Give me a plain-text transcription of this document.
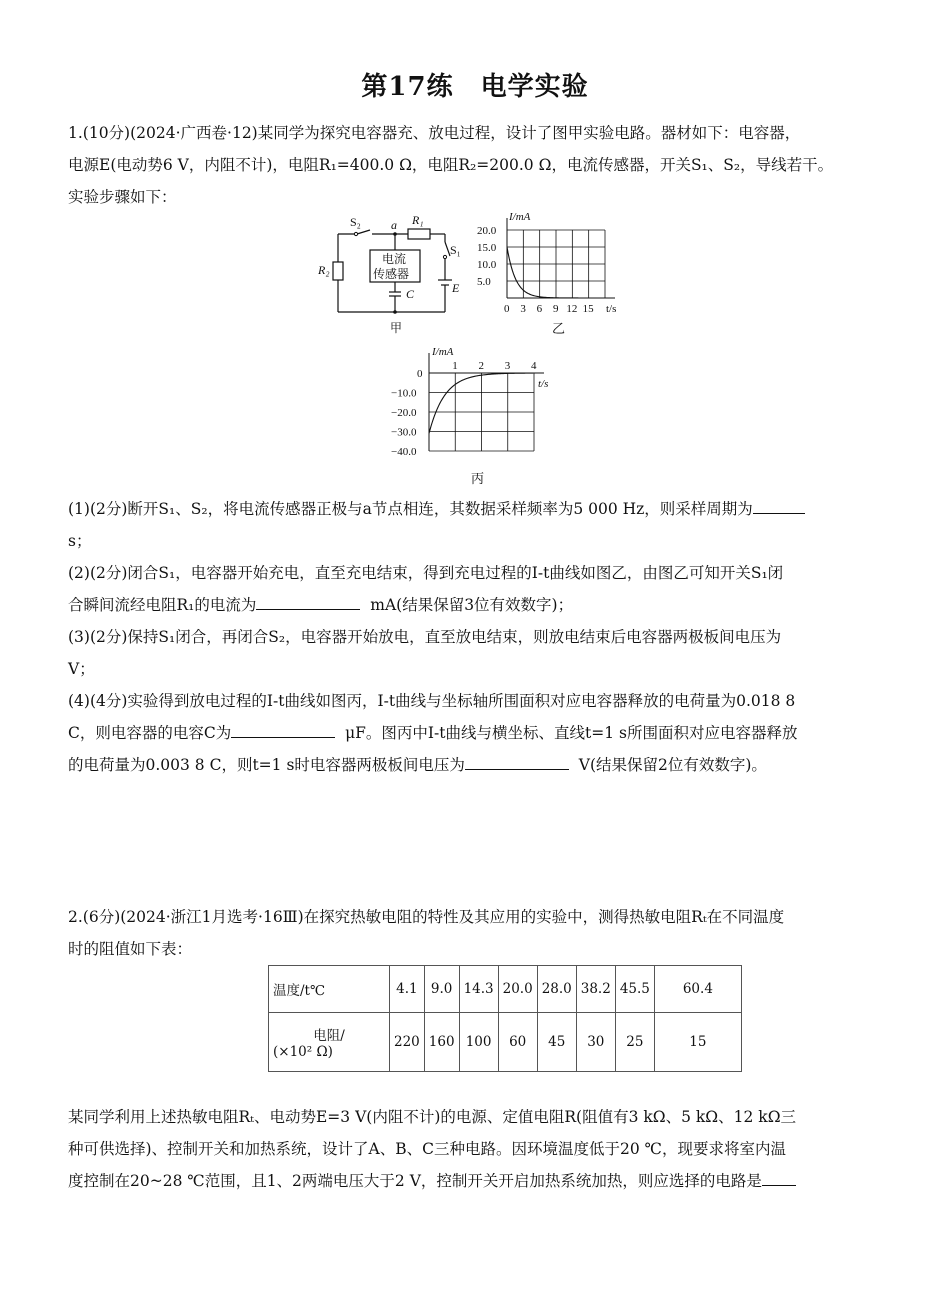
第17练　电学实验
1.(10分)(2024·广西卷·12)某同学为探究电容器充、放电过程，设计了图甲实验电路。器材如下：电容器，
电源E(电动势6 V，内阻不计)，电阻R₁=400.0 Ω，电阻R₂=200.0 Ω，电流传感器，开关S₁、S₂，导线若干。
实验步骤如下：
S₂	a R₁
S₁
R₂
电流
传感器
C	E
甲
I/mA
t/s
0 3 6 9 12 15
20.0
15.0
10.0
5.0
乙
I/mA
t/s
1 2 3 4
0
−10.0
−20.0
−30.0
−40.0
丙
(1)(2分)断开S₁、S₂，将电流传感器正极与a节点相连，其数据采样频率为5 000 Hz，则采样周期为
s；
(2)(2分)闭合S₁，电容器开始充电，直至充电结束，得到充电过程的I-t曲线如图乙，由图乙可知开关S₁闭
合瞬间流经电阻R₁的电流为	mA(结果保留3位有效数字)；
(3)(2分)保持S₁闭合，再闭合S₂，电容器开始放电，直至放电结束，则放电结束后电容器两极板间电压为
V；
(4)(4分)实验得到放电过程的I-t曲线如图丙，I-t曲线与坐标轴所围面积对应电容器释放的电荷量为0.018 8
C，则电容器的电容C为	μF。图丙中I-t曲线与横坐标、直线t=1 s所围面积对应电容器释放
的电荷量为0.003 8 C，则t=1 s时电容器两极板间电压为	V(结果保留2位有效数字)。
2.(6分)(2024·浙江1月选考·16Ⅲ)在探究热敏电阻的特性及其应用的实验中，测得热敏电阻Rₜ在不同温度
时的阻值如下表：
温度/t℃	4.1	9.0	14.3	20.0	28.0	38.2	45.5	60.4

电阻/
(×10² Ω)	220	160	100	60	45	30	25	15
某同学利用上述热敏电阻Rₜ、电动势E=3 V(内阻不计)的电源、定值电阻R(阻值有3 kΩ、5 kΩ、12 kΩ三
种可供选择)、控制开关和加热系统，设计了A、B、C三种电路。因环境温度低于20 ℃，现要求将室内温
度控制在20~28 ℃范围，且1、2两端电压大于2 V，控制开关开启加热系统加热，则应选择的电路是
